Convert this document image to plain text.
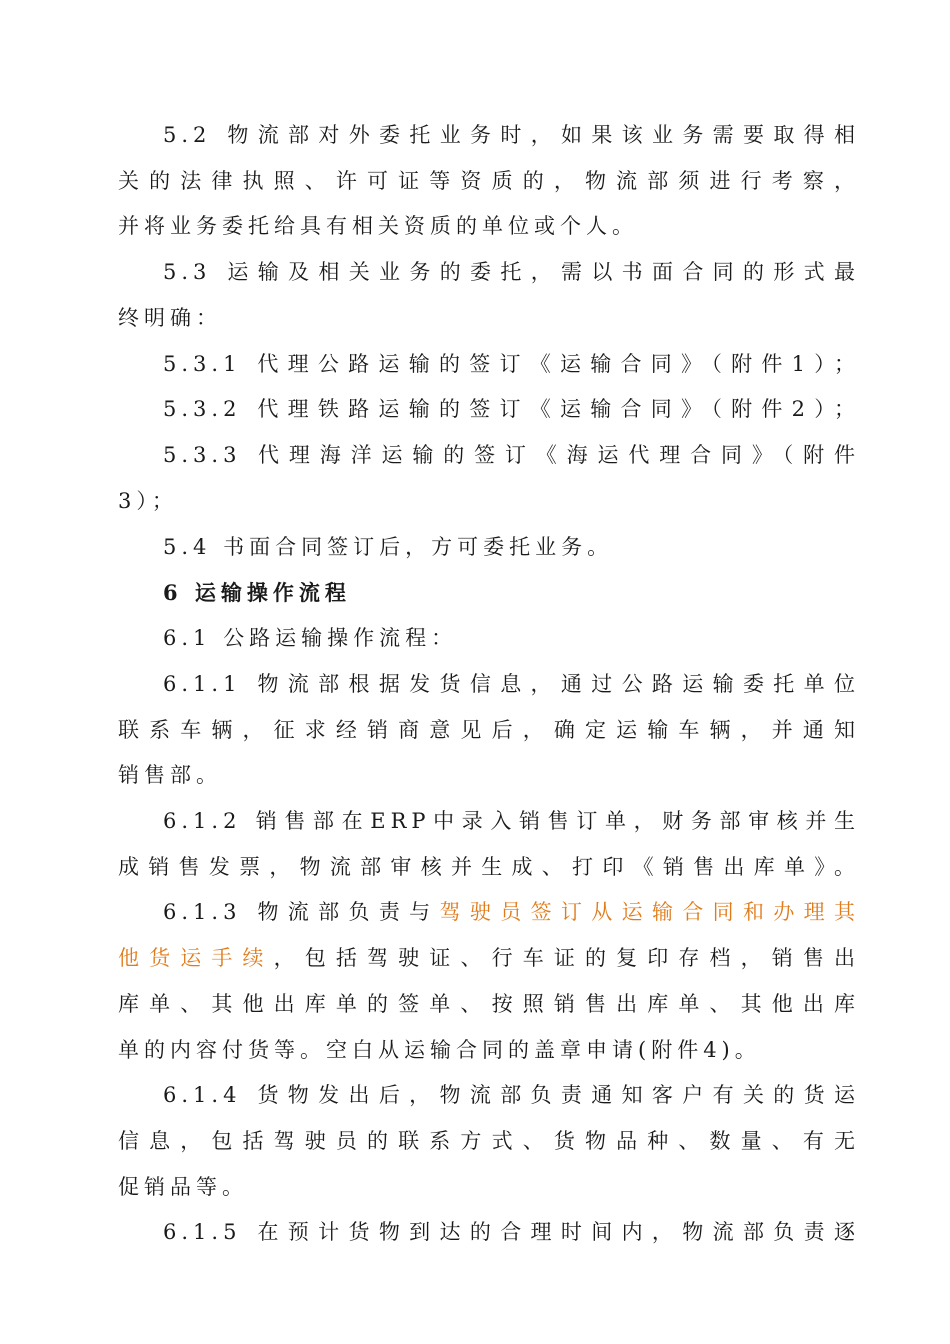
5.2 物流部对外委托业务时，如果该业务需要取得相
关的法律执照、许可证等资质的，物流部须进行考察，
并将业务委托给具有相关资质的单位或个人。
5.3 运输及相关业务的委托，需以书面合同的形式最
终明确：
5.3.1 代理公路运输的签订《运输合同》（附件1）；
5.3.2 代理铁路运输的签订《运输合同》（附件2）；
5.3.3 代理海洋运输的签订《海运代理合同》（附件
3）；
5.4 书面合同签订后，方可委托业务。
6 运输操作流程
6.1 公路运输操作流程：
6.1.1 物流部根据发货信息，通过公路运输委托单位
联系车辆，征求经销商意见后，确定运输车辆，并通知
销售部。
6.1.2 销售部在ERP中录入销售订单，财务部审核并生
成销售发票，物流部审核并生成、打印《销售出库单》。
6.1.3 物流部负责与驾驶员签订从运输合同和办理其
他货运手续，包括驾驶证、行车证的复印存档，销售出
库单、其他出库单的签单、按照销售出库单、其他出库
单的内容付货等。空白从运输合同的盖章申请(附件4)。
6.1.4 货物发出后，物流部负责通知客户有关的货运
信息，包括驾驶员的联系方式、货物品种、数量、有无
促销品等。
6.1.5 在预计货物到达的合理时间内，物流部负责逐
